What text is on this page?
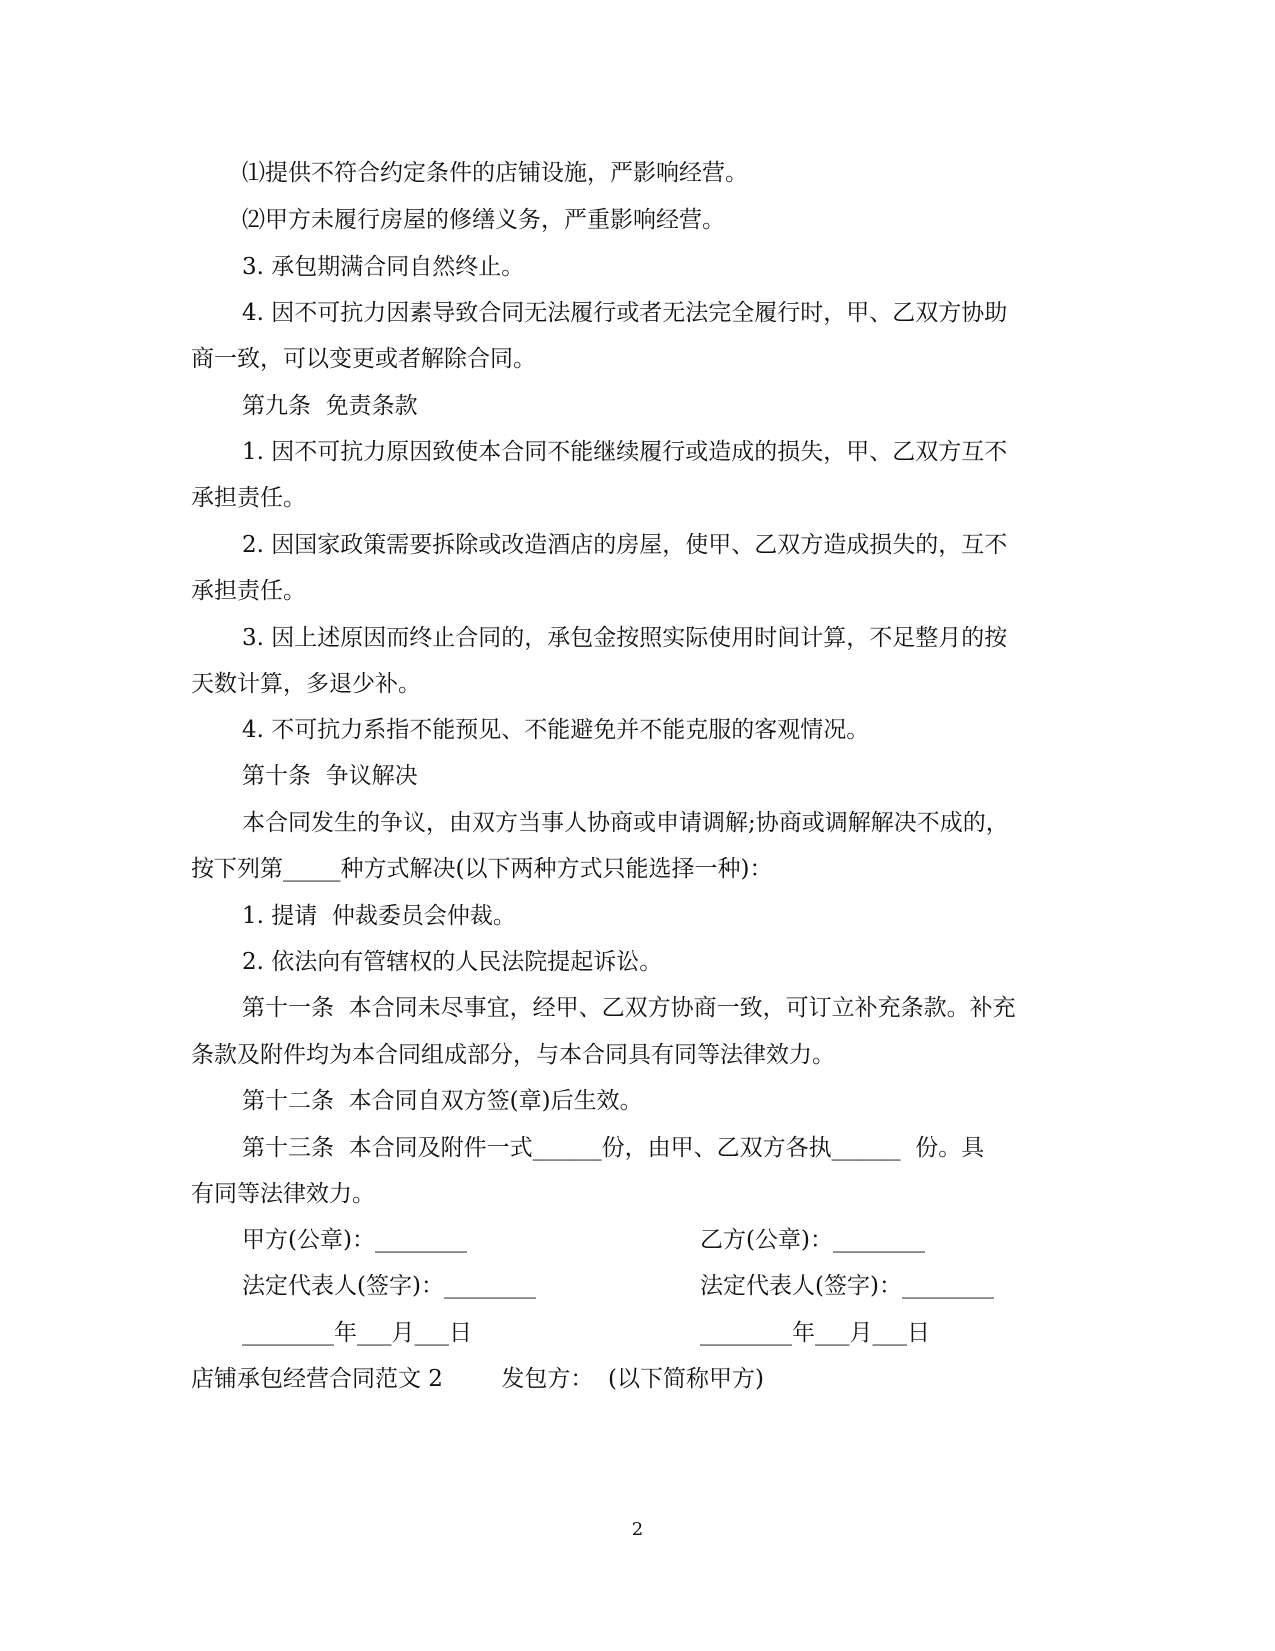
⑴提供不符合约定条件的店铺设施，严影响经营。
⑵甲方未履行房屋的修缮义务，严重影响经营。
3. 承包期满合同自然终止。
4. 因不可抗力因素导致合同无法履行或者无法完全履行时，甲、乙双方协助
商一致，可以变更或者解除合同。
第九条  免责条款
1. 因不可抗力原因致使本合同不能继续履行或造成的损失，甲、乙双方互不
承担责任。
2. 因国家政策需要拆除或改造酒店的房屋，使甲、乙双方造成损失的，互不
承担责任。
3. 因上述原因而终止合同的，承包金按照实际使用时间计算，不足整月的按
天数计算，多退少补。
4. 不可抗力系指不能预见、不能避免并不能克服的客观情况。
第十条  争议解决
本合同发生的争议，由双方当事人协商或申请调解;协商或调解解决不成的，
按下列第_____种方式解决(以下两种方式只能选择一种)：
1. 提请  仲裁委员会仲裁。
2. 依法向有管辖权的人民法院提起诉讼。
第十一条  本合同未尽事宜，经甲、乙双方协商一致，可订立补充条款。补充
条款及附件均为本合同组成部分，与本合同具有同等法律效力。
第十二条  本合同自双方签(章)后生效。
第十三条  本合同及附件一式______份，由甲、乙双方各执______  份。具
有同等法律效力。
甲方(公章)：________	乙方(公章)：________
法定代表人(签字)：________	法定代表人(签字)：________
________年___月___日	________年___月___日
店铺承包经营合同范文 2        发包方：  (以下简称甲方)
2
